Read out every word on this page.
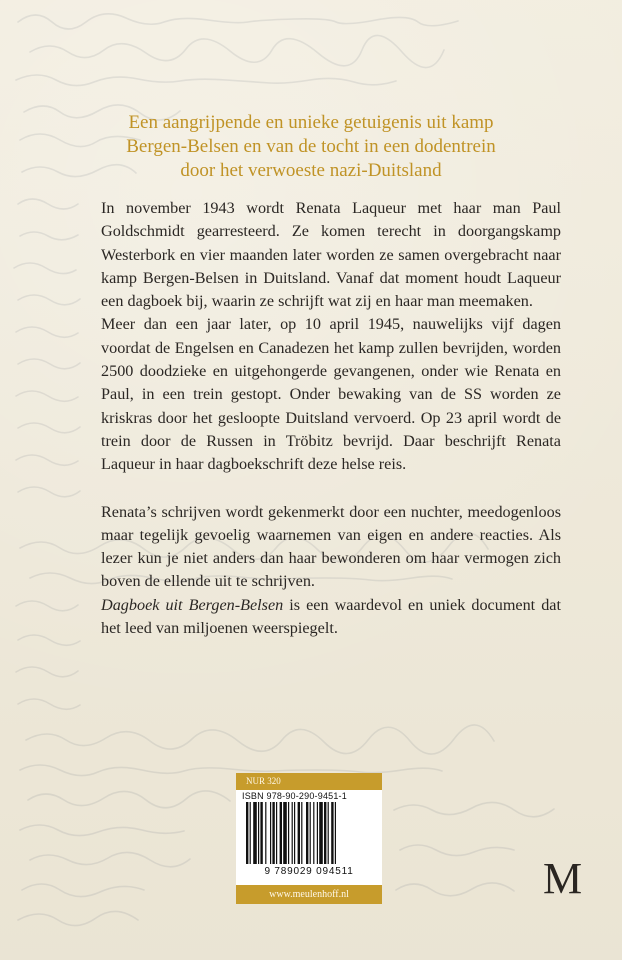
Een aangrijpende en unieke getuigenis uit kamp
Bergen-Belsen en van de tocht in een dodentrein
door het verwoeste nazi-Duitsland

In november 1943 wordt Renata Laqueur met haar man Paul Goldschmidt gearresteerd. Ze komen terecht in doorgangskamp Westerbork en vier maanden later worden ze samen overgebracht naar kamp Bergen-Belsen in Duitsland. Vanaf dat moment houdt Laqueur een dagboek bij, waarin ze schrijft wat zij en haar man meemaken.

Meer dan een jaar later, op 10 april 1945, nauwelijks vijf dagen voordat de Engelsen en Canadezen het kamp zullen bevrijden, worden 2500 doodzieke en uitgehongerde gevangenen, onder wie Renata en Paul, in een trein gestopt. Onder bewaking van de SS worden ze kriskras door het gesloopte Duitsland vervoerd. Op 23 april wordt de trein door de Russen in Tröbitz bevrijd. Daar beschrijft Renata Laqueur in haar dagboekschrift deze helse reis.

Renata’s schrijven wordt gekenmerkt door een nuchter, meedogenloos maar tegelijk gevoelig waarnemen van eigen en andere reacties. Als lezer kun je niet anders dan haar bewonderen om haar vermogen zich boven de ellende uit te schrijven.

Dagboek uit Bergen-Belsen is een waardevol en uniek document dat het leed van miljoenen weerspiegelt.

NUR 320
ISBN 978-90-290-9451-1
9 789029 094511
www.meulenhoff.nl	M
